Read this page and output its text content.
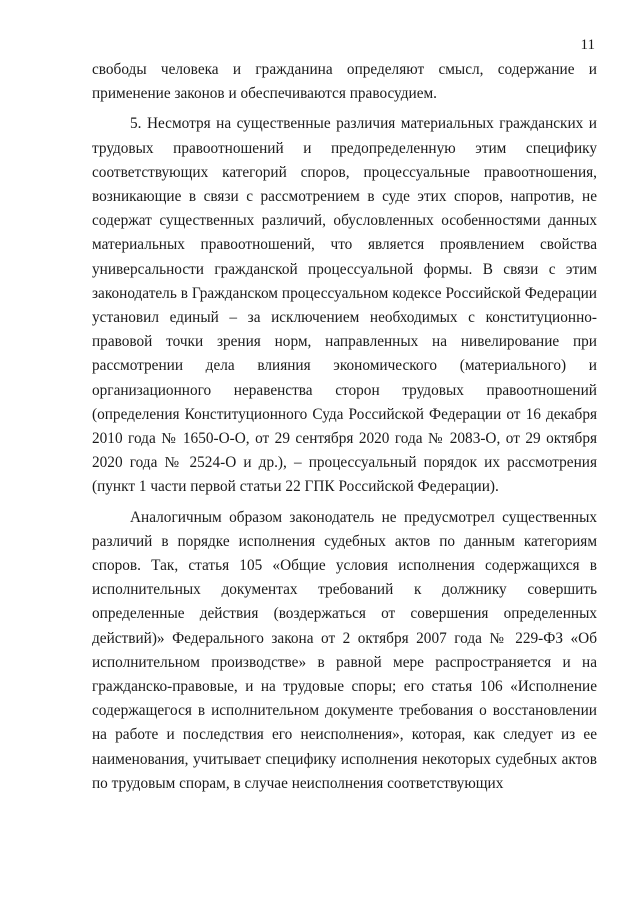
11

свободы человека и гражданина определяют смысл, содержание и применение законов и обеспечиваются правосудием.

5. Несмотря на существенные различия материальных гражданских и трудовых правоотношений и предопределенную этим специфику соответствующих категорий споров, процессуальные правоотношения, возникающие в связи с рассмотрением в суде этих споров, напротив, не содержат существенных различий, обусловленных особенностями данных материальных правоотношений, что является проявлением свойства универсальности гражданской процессуальной формы. В связи с этим законодатель в Гражданском процессуальном кодексе Российской Федерации установил единый – за исключением необходимых с конституционно-правовой точки зрения норм, направленных на нивелирование при рассмотрении дела влияния экономического (материального) и организационного неравенства сторон трудовых правоотношений (определения Конституционного Суда Российской Федерации от 16 декабря 2010 года № 1650-О-О, от 29 сентября 2020 года № 2083-О, от 29 октября 2020 года № 2524-О и др.), – процессуальный порядок их рассмотрения (пункт 1 части первой статьи 22 ГПК Российской Федерации).

Аналогичным образом законодатель не предусмотрел существенных различий в порядке исполнения судебных актов по данным категориям споров. Так, статья 105 «Общие условия исполнения содержащихся в исполнительных документах требований к должнику совершить определенные действия (воздержаться от совершения определенных действий)» Федерального закона от 2 октября 2007 года № 229-ФЗ «Об исполнительном производстве» в равной мере распространяется и на гражданско-правовые, и на трудовые споры; его статья 106 «Исполнение содержащегося в исполнительном документе требования о восстановлении на работе и последствия его неисполнения», которая, как следует из ее наименования, учитывает специфику исполнения некоторых судебных актов по трудовым спорам, в случае неисполнения соответствующих
